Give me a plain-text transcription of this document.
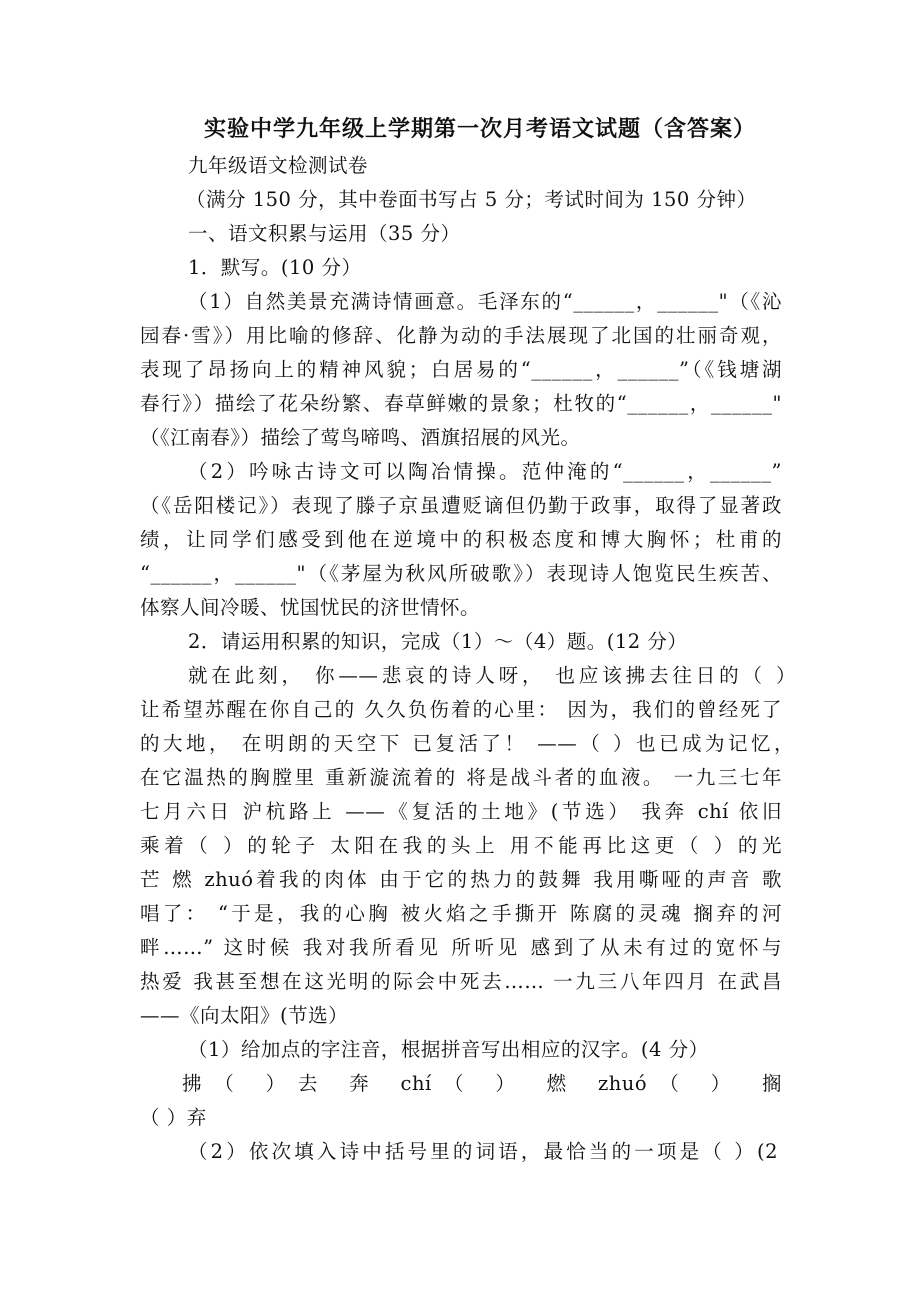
实验中学九年级上学期第一次月考语文试题（含答案）
九年级语文检测试卷
（满分 150 分，其中卷面书写占 5 分；考试时间为 150 分钟）
一、语文积累与运用（35 分）
1．默写。(10 分）
（1）自然美景充满诗情画意。毛泽东的“______，______"（《沁
园春·雪》）用比喻的修辞、化静为动的手法展现了北国的壮丽奇观，
表现了昂扬向上的精神风貌；白居易的“______，______”（《钱塘湖
春行》）描绘了花朵纷繁、春草鲜嫩的景象；杜牧的“______，______"
（《江南春》）描绘了莺鸟啼鸣、酒旗招展的风光。
（2）吟咏古诗文可以陶冶情操。范仲淹的“______，______”
（《岳阳楼记》）表现了滕子京虽遭贬谪但仍勤于政事，取得了显著政
绩，让同学们感受到他在逆境中的积极态度和博大胸怀；杜甫的
“______，______"（《茅屋为秋风所破歌》）表现诗人饱览民生疾苦、
体察人间冷暖、忧国忧民的济世情怀。
2．请运用积累的知识，完成（1）～（4）题。(12 分）
就在此刻， 你——悲哀的诗人呀， 也应该拂去往日的（ ）
让希望苏醒在你自己的 久久负伤着的心里： 因为，我们的曾经死了
的大地， 在明朗的天空下 已复活了！ ——（ ）也已成为记忆，
在它温热的胸膛里 重新漩流着的 将是战斗者的血液。 一九三七年
七月六日 沪杭路上 ——《复活的土地》(节选） 我奔 chí 依旧
乘着（ ）的轮子 太阳在我的头上 用不能再比这更（ ）的光
芒 燃 zhuó着我的肉体 由于它的热力的鼓舞 我用嘶哑的声音 歌
唱了： “于是，我的心胸 被火焰之手撕开 陈腐的灵魂 搁弃的河
畔……” 这时候 我对我所看见 所听见 感到了从未有过的宽怀与
热爱 我甚至想在这光明的际会中死去…… 一九三八年四月 在武昌
——《向太阳》(节选）
（1）给加点的字注音，根据拼音写出相应的汉字。(4 分）
拂（ ）去 奔 chí（ ） 燃 zhuó（ ） 搁
（ ）弃
（2）依次填入诗中括号里的词语，最恰当的一项是（ ）(2
